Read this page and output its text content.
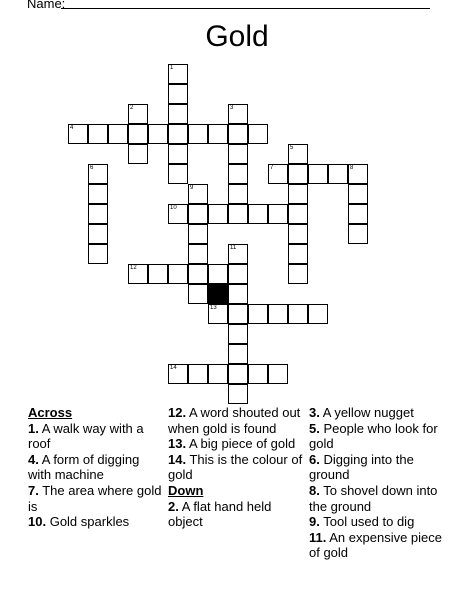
Name:
Gold
1
2	3
4
5
6	7	8
9
10
11
12
13
14
Across

1. A walk way with a roof

4. A form of digging with machine

7. The area where gold is

10. Gold sparkles

12. A word shouted out when gold is found

13. A big piece of gold

14. This is the colour of gold

Down

2. A flat hand held object

3. A yellow nugget

5. People who look for gold

6. Digging into the ground

8. To shovel down into the ground

9. Tool used to dig

11. An expensive piece of gold
